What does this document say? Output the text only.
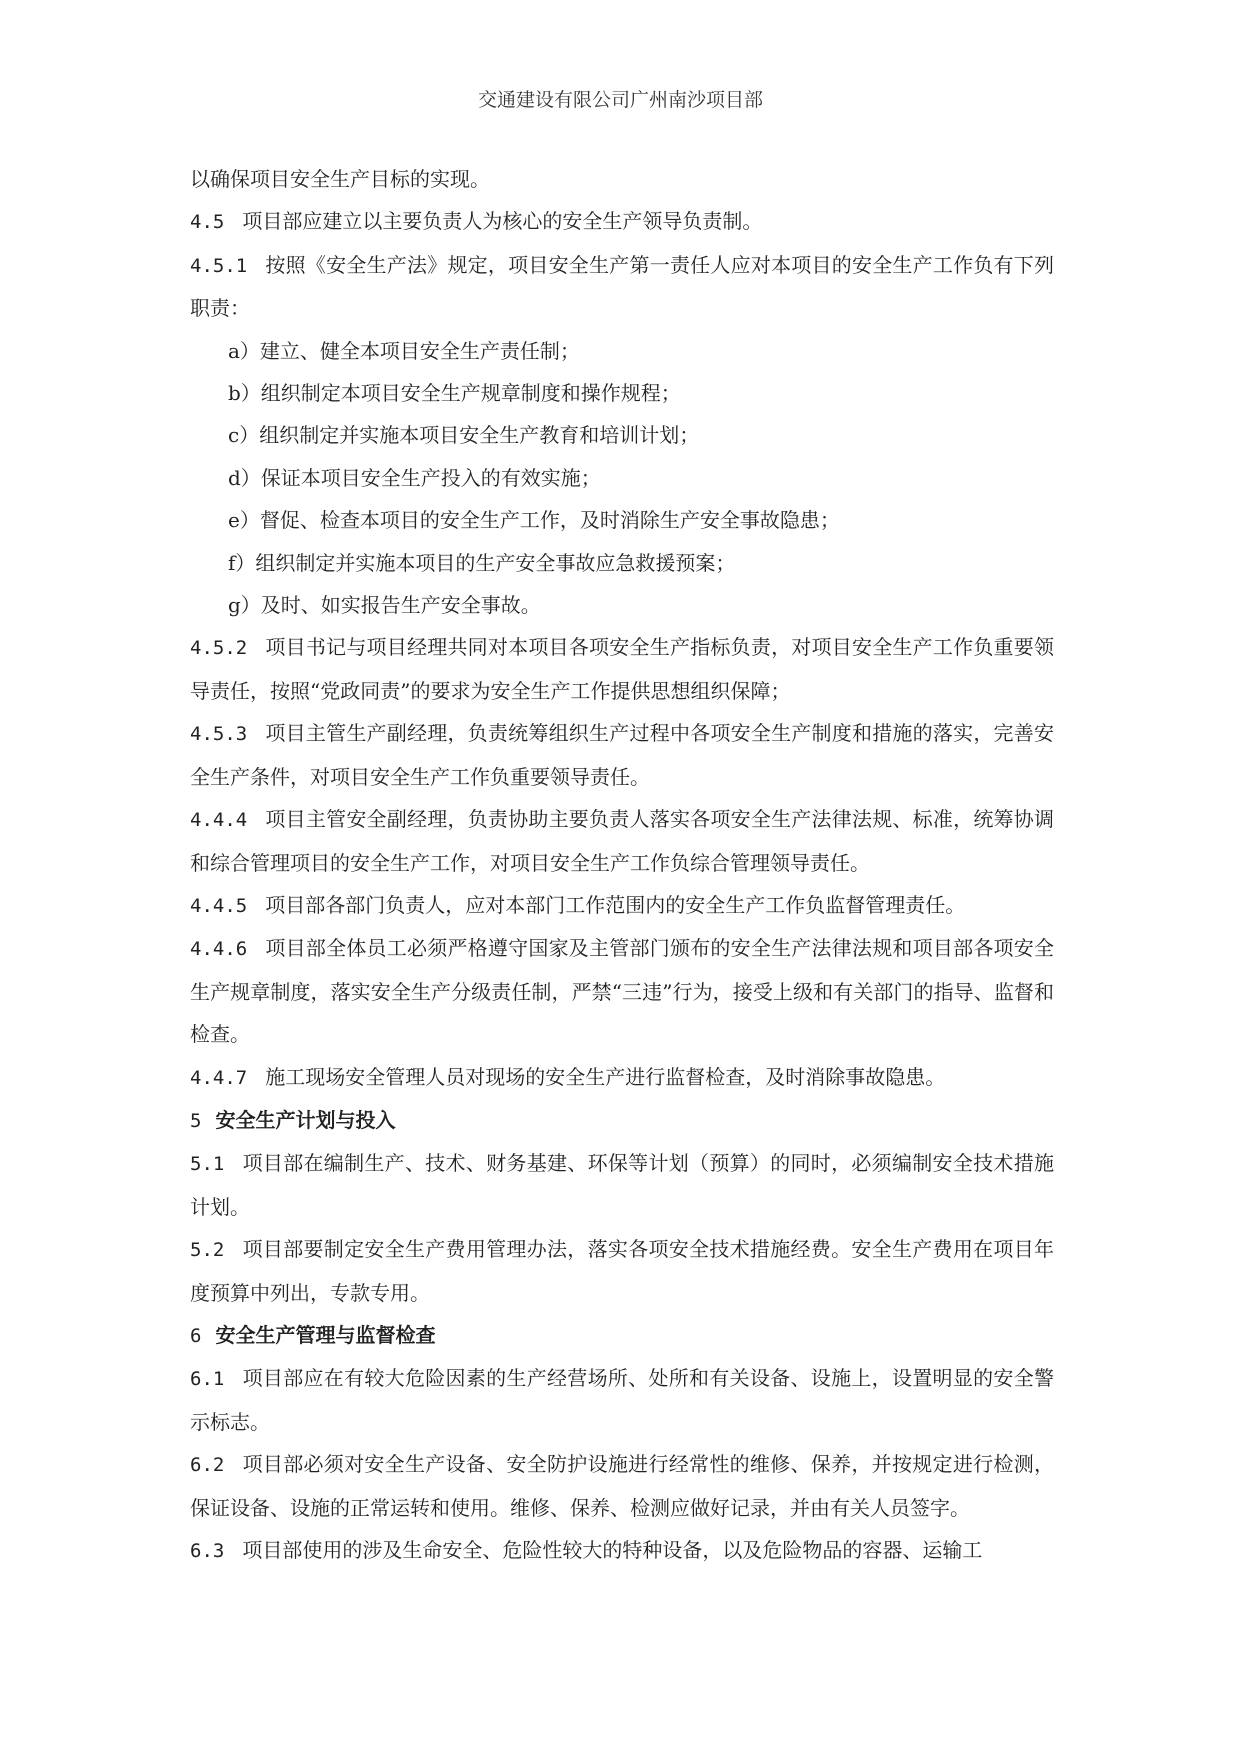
交通建设有限公司广州南沙项目部

以确保项目安全生产目标的实现。

4.5 项目部应建立以主要负责人为核心的安全生产领导负责制。

4.5.1 按照《安全生产法》规定，项目安全生产第一责任人应对本项目的安全生产工作负有下列职责：

a）建立、健全本项目安全生产责任制；

b）组织制定本项目安全生产规章制度和操作规程；

c）组织制定并实施本项目安全生产教育和培训计划；

d）保证本项目安全生产投入的有效实施；

e）督促、检查本项目的安全生产工作，及时消除生产安全事故隐患；

f）组织制定并实施本项目的生产安全事故应急救援预案；

g）及时、如实报告生产安全事故。

4.5.2 项目书记与项目经理共同对本项目各项安全生产指标负责，对项目安全生产工作负重要领导责任，按照“党政同责”的要求为安全生产工作提供思想组织保障；

4.5.3 项目主管生产副经理，负责统筹组织生产过程中各项安全生产制度和措施的落实，完善安全生产条件，对项目安全生产工作负重要领导责任。

4.4.4 项目主管安全副经理，负责协助主要负责人落实各项安全生产法律法规、标准，统筹协调和综合管理项目的安全生产工作，对项目安全生产工作负综合管理领导责任。

4.4.5 项目部各部门负责人，应对本部门工作范围内的安全生产工作负监督管理责任。

4.4.6 项目部全体员工必须严格遵守国家及主管部门颁布的安全生产法律法规和项目部各项安全生产规章制度，落实安全生产分级责任制，严禁“三违”行为，接受上级和有关部门的指导、监督和检查。

4.4.7 施工现场安全管理人员对现场的安全生产进行监督检查，及时消除事故隐患。

5 安全生产计划与投入

5.1 项目部在编制生产、技术、财务基建、环保等计划（预算）的同时，必须编制安全技术措施计划。

5.2 项目部要制定安全生产费用管理办法，落实各项安全技术措施经费。安全生产费用在项目年度预算中列出，专款专用。

6 安全生产管理与监督检查

6.1 项目部应在有较大危险因素的生产经营场所、处所和有关设备、设施上，设置明显的安全警示标志。

6.2 项目部必须对安全生产设备、安全防护设施进行经常性的维修、保养，并按规定进行检测，保证设备、设施的正常运转和使用。维修、保养、检测应做好记录，并由有关人员签字。

6.3 项目部使用的涉及生命安全、危险性较大的特种设备，以及危险物品的容器、运输工
